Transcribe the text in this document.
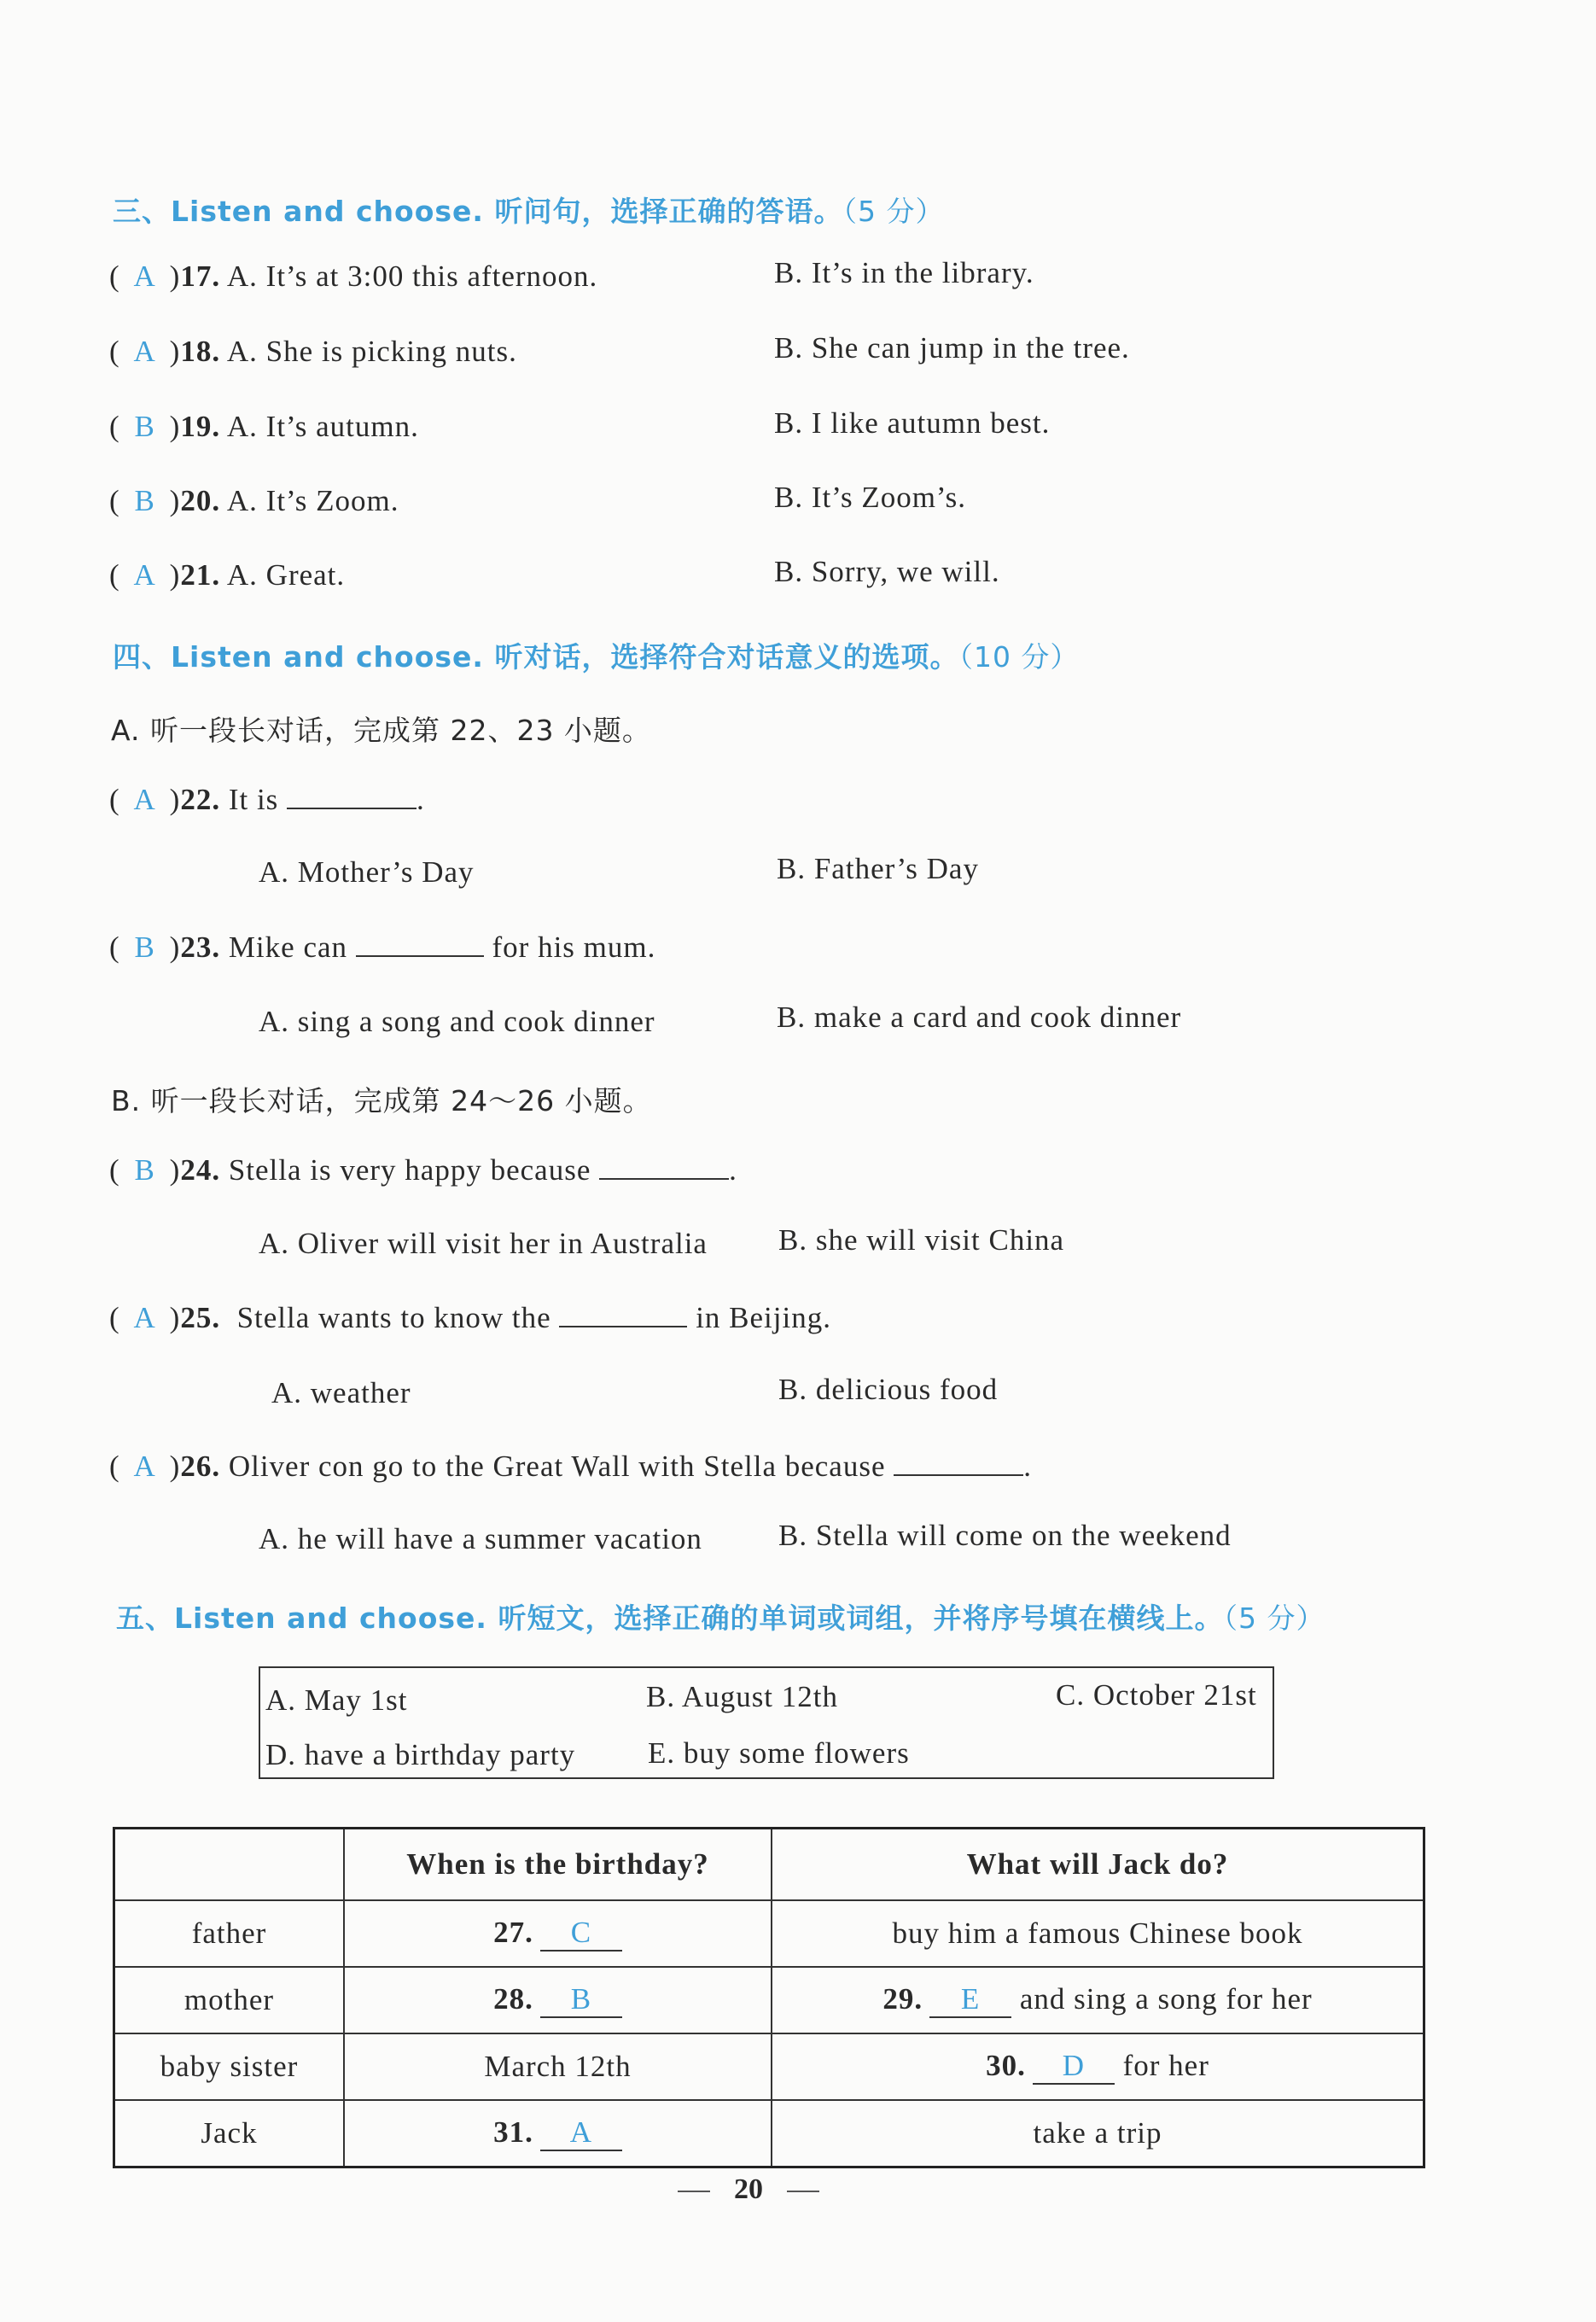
三、Listen and choose. 听问句，选择正确的答语。（5 分）
( A )17. A. It’s at 3:00 this afternoon.	B. It’s in the library.
( A )18. A. She is picking nuts.	B. She can jump in the tree.
( B )19. A. It’s autumn.	B. I like autumn best.
( B )20. A. It’s Zoom.	B. It’s Zoom’s.
( A )21. A. Great.	B. Sorry, we will.
四、Listen and choose. 听对话，选择符合对话意义的选项。（10 分）
A. 听一段长对话，完成第 22、23 小题。
( A )22. It is	.
A. Mother’s Day	B. Father’s Day
( B )23. Mike can	for his mum.
A. sing a song and cook dinner	B. make a card and cook dinner
B. 听一段长对话，完成第 24～26 小题。
( B )24. Stella is very happy because	.
A. Oliver will visit her in Australia B. she will visit China
( A )25. Stella wants to know the	in Beijing.
A. weather	B. delicious food
( A )26. Oliver con go to the Great Wall with Stella because	.
A. he will have a summer vacation	B. Stella will come on the weekend
五、Listen and choose. 听短文，选择正确的单词或词组，并将序号填在横线上。（5 分）
A. May 1st	B. August 12th	C. October 21st
D. have a birthday party E. buy some flowers
	When is the birthday?	What will Jack do?
father	27. C	buy him a famous Chinese book
mother	28. B	29. E and sing a song for her
baby sister	March 12th	30. D for her
Jack	31. A	take a trip
20
